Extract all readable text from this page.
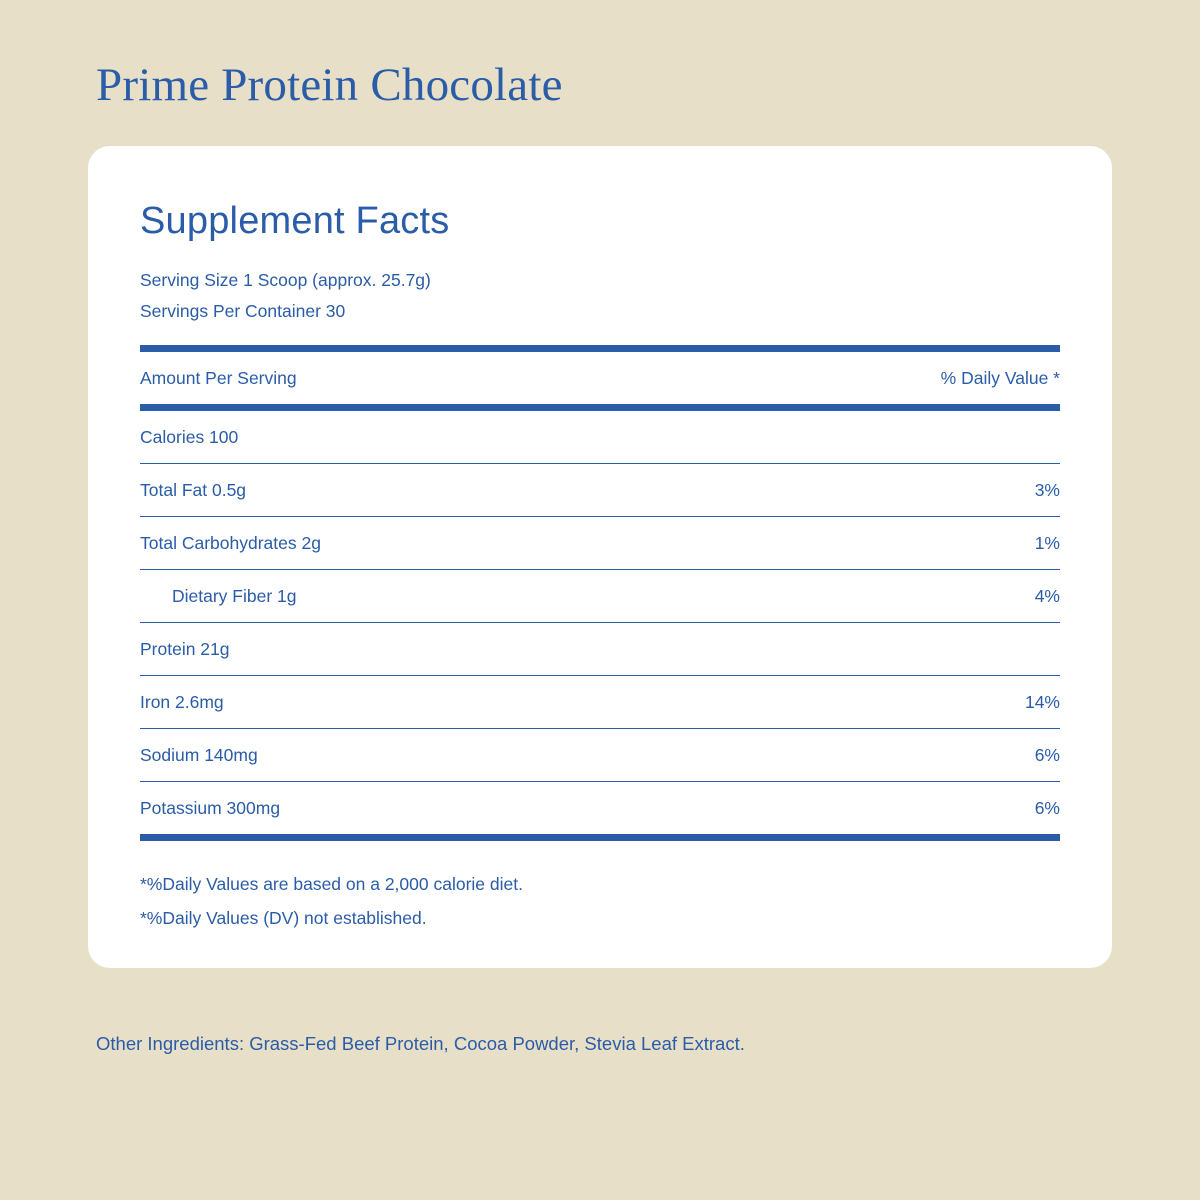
Prime Protein Chocolate
Supplement Facts
Serving Size 1 Scoop (approx. 25.7g)
Servings Per Container 30
Amount Per Serving	% Daily Value *
Calories 100	
Total Fat 0.5g	3%
Total Carbohydrates 2g	1%
Dietary Fiber 1g	4%
Protein 21g	
Iron 2.6mg	14%
Sodium 140mg	6%
Potassium 300mg	6%
*%Daily Values are based on a 2,000 calorie diet.
*%Daily Values (DV) not established.
Other Ingredients: Grass-Fed Beef Protein, Cocoa Powder, Stevia Leaf Extract.
